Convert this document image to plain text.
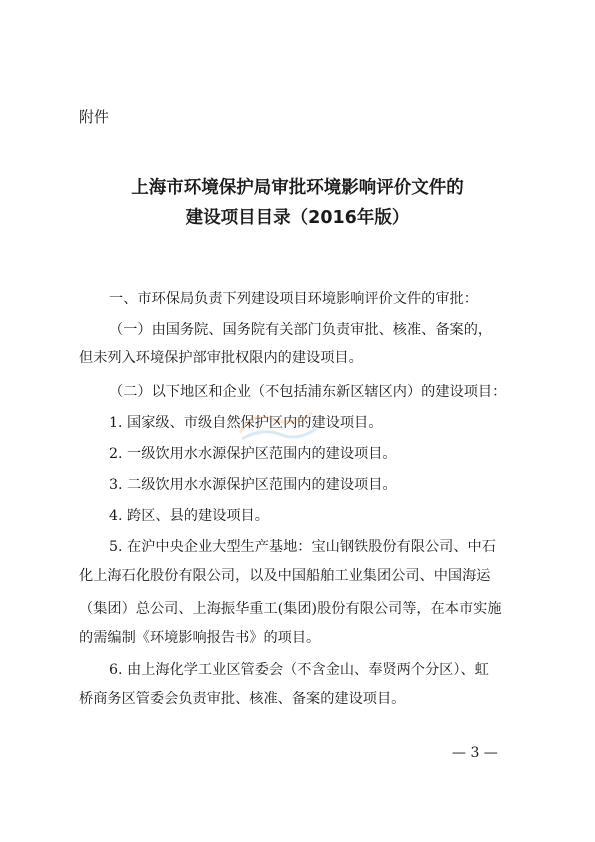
附件
上海市环境保护局审批环境影响评价文件的
建设项目目录（2016年版）
一、市环保局负责下列建设项目环境影响评价文件的审批：
（一）由国务院、国务院有关部门负责审批、核准、备案的，
但未列入环境保护部审批权限内的建设项目。
（二）以下地区和企业（不包括浦东新区辖区内）的建设项目：
1. 国家级、市级自然保护区内的建设项目。
2. 一级饮用水水源保护区范围内的建设项目。
3. 二级饮用水水源保护区范围内的建设项目。
4. 跨区、县的建设项目。
5. 在沪中央企业大型生产基地：宝山钢铁股份有限公司、中石
化上海石化股份有限公司，以及中国船舶工业集团公司、中国海运
（集团）总公司、上海振华重工(集团)股份有限公司等，在本市实施
的需编制《环境影响报告书》的项目。
6. 由上海化学工业区管委会（不含金山、奉贤两个分区）、虹
桥商务区管委会负责审批、核准、备案的建设项目。
— 3 —
